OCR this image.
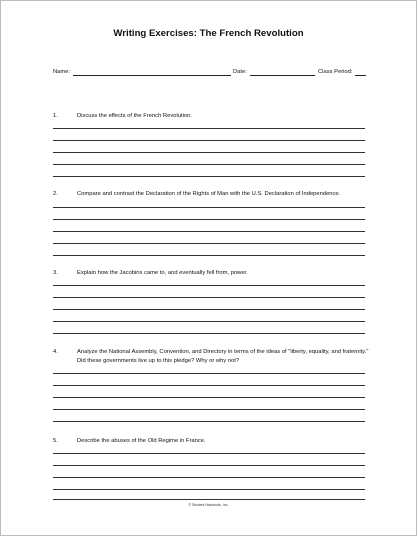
Writing Exercises: The French Revolution
Name:	Date:	Class Period:
1.	Discuss the effects of the French Revolution.
2.	Compare and contrast the Declaration of the Rights of Man with the U.S. Declaration of Independence.
3.	Explain how the Jacobins came to, and eventually fell from, power.
4.	Analyze the National Assembly, Convention, and Directory in terms of the ideas of "liberty, equality, and fraternity." Did these governments live up to this pledge? Why or why not?
5.	Describe the abuses of the Old Regime in France.
© Student Handouts, Inc.
